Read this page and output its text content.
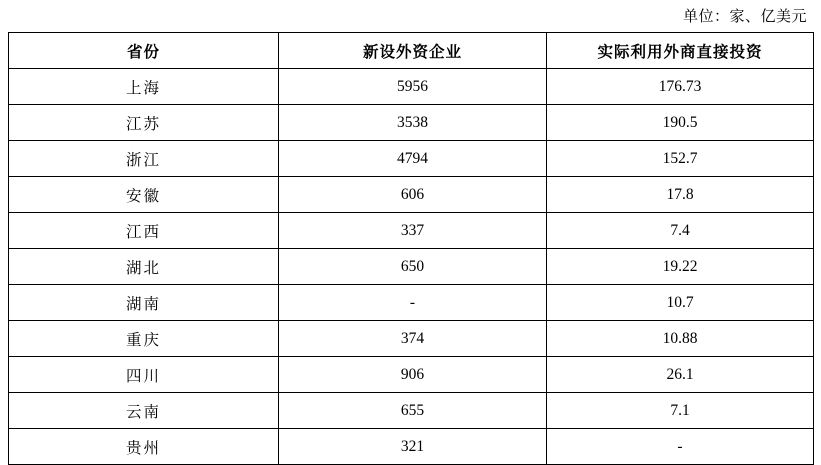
单位：家、亿美元
省份	新设外资企业	实际利用外商直接投资
上海	5956	176.73
江苏	3538	190.5
浙江	4794	152.7
安徽	606	17.8
江西	337	7.4
湖北	650	19.22
湖南	-	10.7
重庆	374	10.88
四川	906	26.1
云南	655	7.1
贵州	321	-
